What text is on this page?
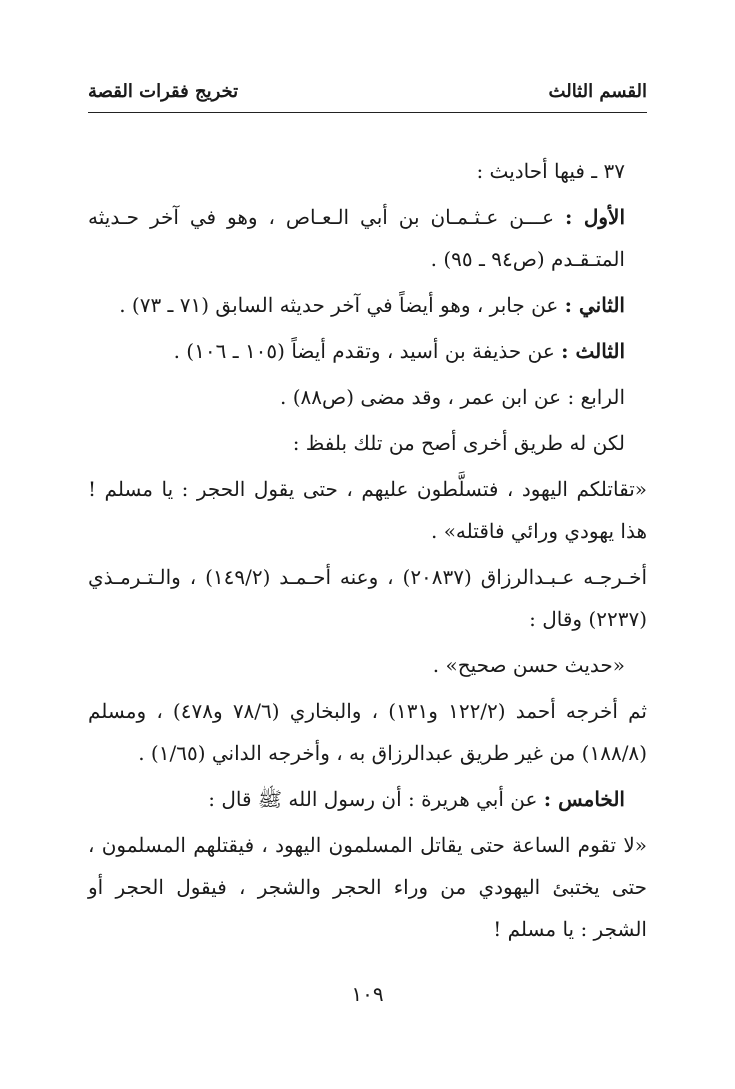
القسم الثالث
تخريج فقرات القصة

٣٧ ـ فيها أحاديث :

الأول : عـــن عـثـمـان بن أبي الـعـاص ، وهو في آخر حـديثه المتـقـدم (ص٩٤ ـ ٩٥) .

الثاني : عن جابر ، وهو أيضاً في آخر حديثه السابق (٧١ ـ ٧٣) .

الثالث : عن حذيفة بن أسيد ، وتقدم أيضاً (١٠٥ ـ ١٠٦) .

الرابع : عن ابن عمر ، وقد مضى (ص٨٨) .

لكن له طريق أخرى أصح من تلك بلفظ :

«تقاتلكم اليهود ، فتسلَّطون عليهم ، حتى يقول الحجر : يا مسلم ! هذا يهودي ورائي فاقتله» .

أخـرجـه عـبـدالرزاق (٢٠٨٣٧) ، وعنه أحـمـد (١٤٩/٢) ، والـتـرمـذي (٢٢٣٧) وقال :

«حديث حسن صحيح» .

ثم أخرجه أحمد (١٢٢/٢ و١٣١) ، والبخاري (٧٨/٦ و٤٧٨) ، ومسلم (١٨٨/٨) من غير طريق عبدالرزاق به ، وأخرجه الداني (١/٦٥) .

الخامس : عن أبي هريرة : أن رسول الله ﷺ قال :

«لا تقوم الساعة حتى يقاتل المسلمون اليهود ، فيقتلهم المسلمون ، حتى يختبئ اليهودي من وراء الحجر والشجر ، فيقول الحجر أو الشجر : يا مسلم !

١٠٩
